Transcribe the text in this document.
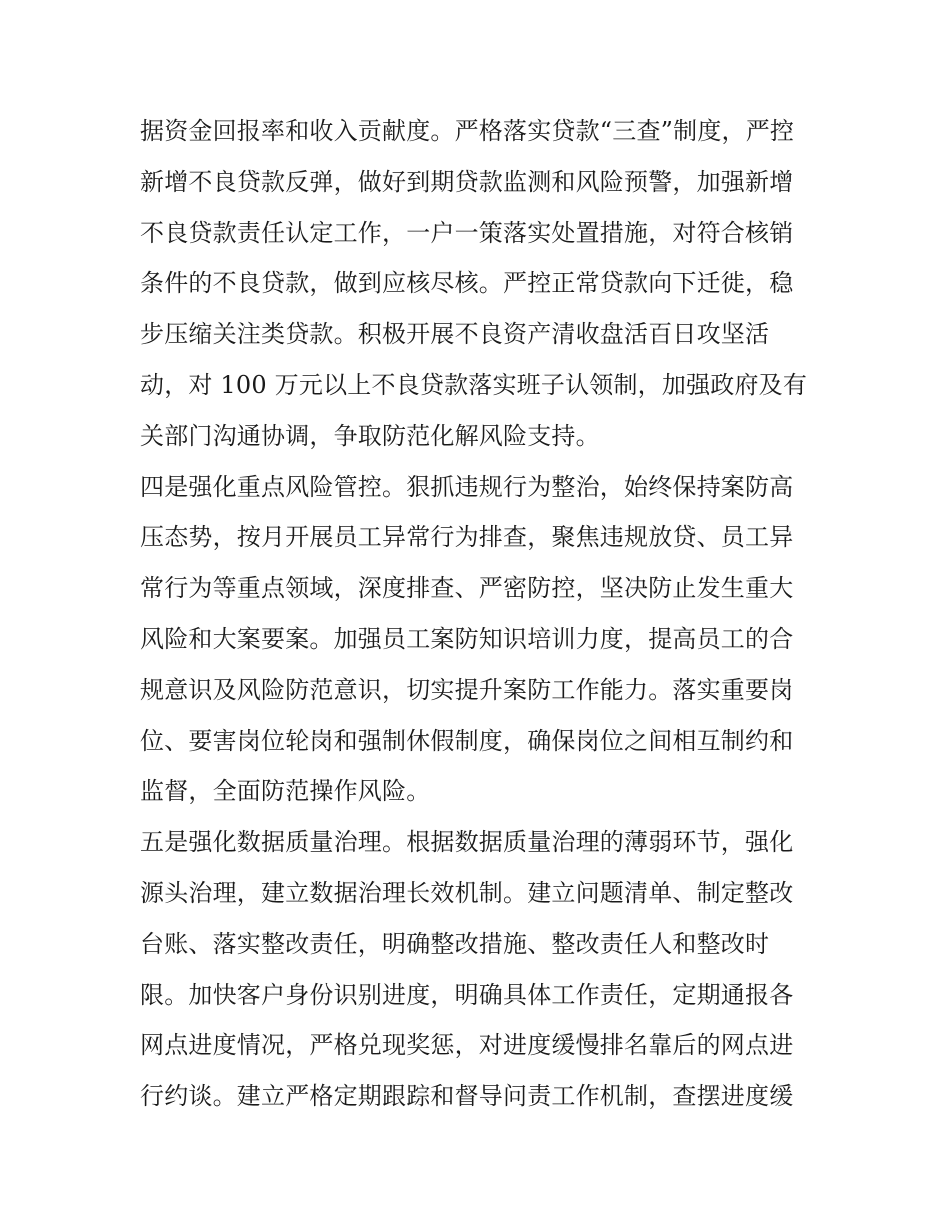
据资金回报率和收入贡献度。严格落实贷款“三查”制度，严控
新增不良贷款反弹，做好到期贷款监测和风险预警，加强新增
不良贷款责任认定工作，一户一策落实处置措施，对符合核销
条件的不良贷款，做到应核尽核。严控正常贷款向下迁徙，稳
步压缩关注类贷款。积极开展不良资产清收盘活百日攻坚活
动，对 100 万元以上不良贷款落实班子认领制，加强政府及有
关部门沟通协调，争取防范化解风险支持。
四是强化重点风险管控。狠抓违规行为整治，始终保持案防高
压态势，按月开展员工异常行为排查，聚焦违规放贷、员工异
常行为等重点领域，深度排查、严密防控，坚决防止发生重大
风险和大案要案。加强员工案防知识培训力度，提高员工的合
规意识及风险防范意识，切实提升案防工作能力。落实重要岗
位、要害岗位轮岗和强制休假制度，确保岗位之间相互制约和
监督，全面防范操作风险。
五是强化数据质量治理。根据数据质量治理的薄弱环节，强化
源头治理，建立数据治理长效机制。建立问题清单、制定整改
台账、落实整改责任，明确整改措施、整改责任人和整改时
限。加快客户身份识别进度，明确具体工作责任，定期通报各
网点进度情况，严格兑现奖惩，对进度缓慢排名靠后的网点进
行约谈。建立严格定期跟踪和督导问责工作机制，查摆进度缓
